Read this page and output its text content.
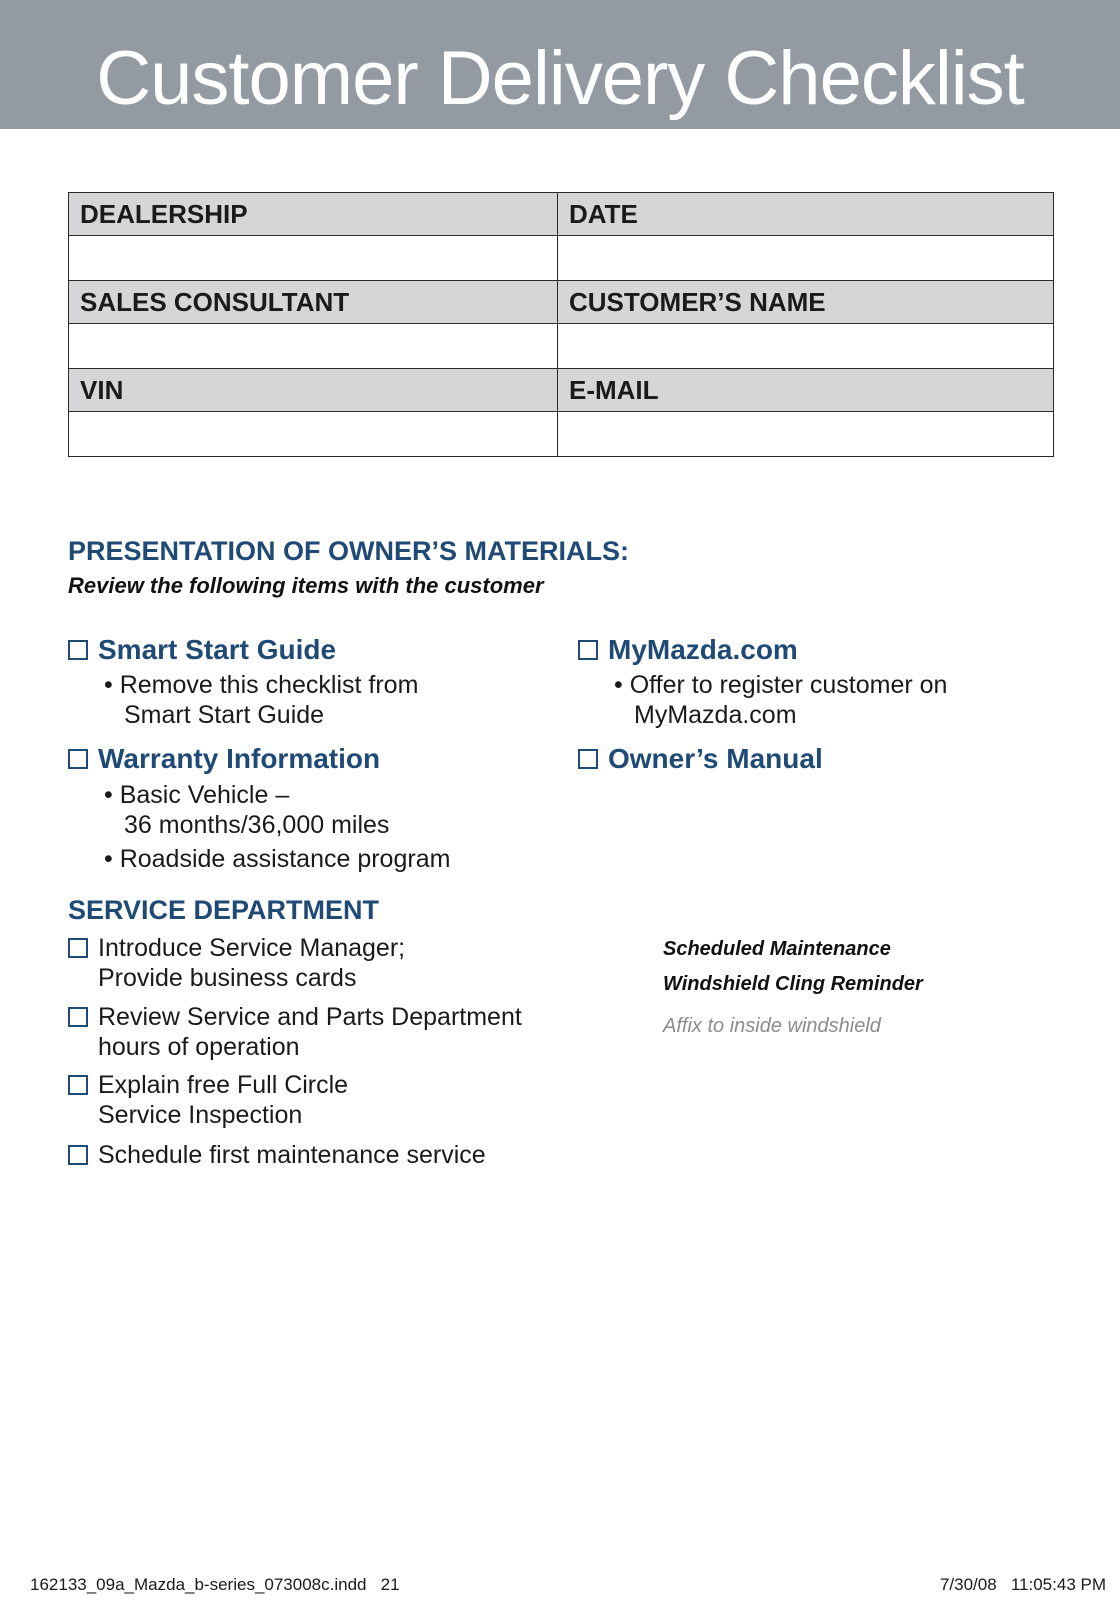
Customer Delivery Checklist
DEALERSHIP	DATE

SALES CONSULTANT	CUSTOMER’S NAME

VIN	E-MAIL

PRESENTATION OF OWNER’S MATERIALS:

Review the following items with the customer

Smart Start Guide
• Remove this checklist from
Smart Start Guide
MyMazda.com
• Offer to register customer on
MyMazda.com
Warranty Information
• Basic Vehicle –
36 months/36,000 miles
• Roadside assistance program
Owner’s Manual
SERVICE DEPARTMENT
Introduce Service Manager;
Provide business cards
Review Service and Parts Department
hours of operation
Explain free Full Circle
Service Inspection
Schedule first maintenance service
Scheduled Maintenance
Windshield Cling Reminder
Affix to inside windshield
162133_09a_Mazda_b-series_073008c.indd   21	7/30/08   11:05:43 PM
